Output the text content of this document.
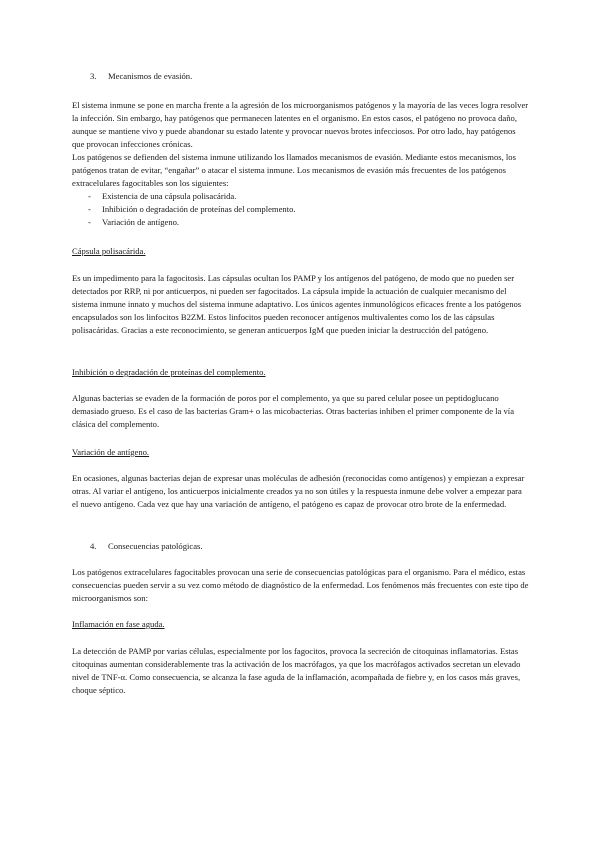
3. Mecanismos de evasión.

El sistema inmune se pone en marcha frente a la agresión de los microorganismos patógenos y la mayoría de las veces logra resolver la infección. Sin embargo, hay patógenos que permanecen latentes en el organismo. En estos casos, el patógeno no provoca daño, aunque se mantiene vivo y puede abandonar su estado latente y provocar nuevos brotes infecciosos. Por otro lado, hay patógenos que provocan infecciones crónicas.

Los patógenos se defienden del sistema inmune utilizando los llamados mecanismos de evasión. Mediante estos mecanismos, los patógenos tratan de evitar, “engañar” o atacar el sistema inmune. Los mecanismos de evasión más frecuentes de los patógenos extracelulares fagocitables son los siguientes:

- Existencia de una cápsula polisacárida.
- Inhibición o degradación de proteínas del complemento.
- Variación de antígeno.
Cápsula polisacárida.

Es un impedimento para la fagocitosis. Las cápsulas ocultan los PAMP y los antígenos del patógeno, de modo que no pueden ser detectados por RRP, ni por anticuerpos, ni pueden ser fagocitados. La cápsula impide la actuación de cualquier mecanismo del sistema inmune innato y muchos del sistema inmune adaptativo. Los únicos agentes inmunológicos eficaces frente a los patógenos encapsulados son los linfocitos B2ZM. Estos linfocitos pueden reconocer antígenos multivalentes como los de las cápsulas polisacáridas. Gracias a este reconocimiento, se generan anticuerpos IgM que pueden iniciar la destrucción del patógeno.

Inhibición o degradación de proteínas del complemento.

Algunas bacterias se evaden de la formación de poros por el complemento, ya que su pared celular posee un peptidoglucano demasiado grueso. Es el caso de las bacterias Gram+ o las micobacterias. Otras bacterias inhiben el primer componente de la vía clásica del complemento.

Variación de antígeno.

En ocasiones, algunas bacterias dejan de expresar unas moléculas de adhesión (reconocidas como antígenos) y empiezan a expresar otras. Al variar el antígeno, los anticuerpos inicialmente creados ya no son útiles y la respuesta inmune debe volver a empezar para el nuevo antígeno. Cada vez que hay una variación de antígeno, el patógeno es capaz de provocar otro brote de la enfermedad.

4. Consecuencias patológicas.

Los patógenos extracelulares fagocitables provocan una serie de consecuencias patológicas para el organismo. Para el médico, estas consecuencias pueden servir a su vez como método de diagnóstico de la enfermedad. Los fenómenos más frecuentes con este tipo de microorganismos son:

Inflamación en fase aguda.

La detección de PAMP por varias células, especialmente por los fagocitos, provoca la secreción de citoquinas inflamatorias. Estas citoquinas aumentan considerablemente tras la activación de los macrófagos, ya que los macrófagos activados secretan un elevado nivel de TNF-α. Como consecuencia, se alcanza la fase aguda de la inflamación, acompañada de fiebre y, en los casos más graves, choque séptico.
